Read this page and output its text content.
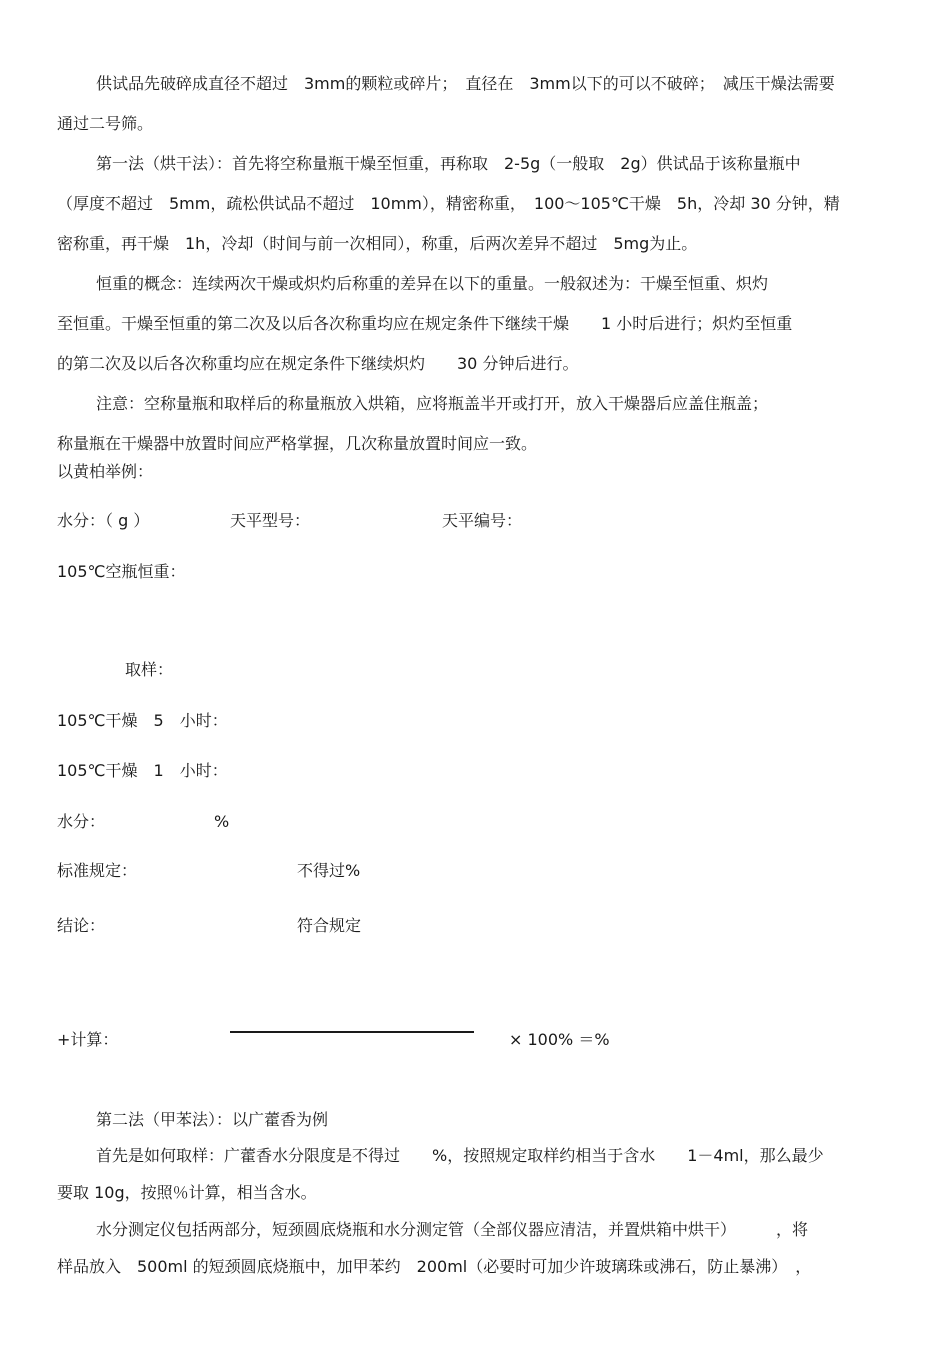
供试品先破碎成直径不超过　3mm的颗粒或碎片；　直径在　3mm以下的可以不破碎；　减压干燥法需要
通过二号筛。
第一法（烘干法）：首先将空称量瓶干燥至恒重，再称取　2-5g（一般取　2g）供试品于该称量瓶中
（厚度不超过　5mm，疏松供试品不超过　10mm），精密称重，　100～105℃干燥　5h，冷却 30 分钟，精
密称重，再干燥　1h，冷却（时间与前一次相同），称重，后两次差异不超过　5mg为止。
恒重的概念：连续两次干燥或炽灼后称重的差异在以下的重量。一般叙述为：干燥至恒重、炽灼
至恒重。干燥至恒重的第二次及以后各次称重均应在规定条件下继续干燥　　1 小时后进行；炽灼至恒重
的第二次及以后各次称重均应在规定条件下继续炽灼　　30 分钟后进行。
注意：空称量瓶和取样后的称量瓶放入烘箱，应将瓶盖半开或打开，放入干燥器后应盖住瓶盖；
称量瓶在干燥器中放置时间应严格掌握，几次称量放置时间应一致。
以黄柏举例：
水分：（ g ）	天平型号：	天平编号：
105℃空瓶恒重：
取样：
105℃干燥　5　小时：
105℃干燥　1　小时：
水分：	%
标准规定：	不得过%
结论：	符合规定
+计算：	× 100% ＝%
第二法（甲苯法）：以广藿香为例
首先是如何取样：广藿香水分限度是不得过　　%，按照规定取样约相当于含水　　1－4ml，那么最少
要取 10g，按照％计算，相当含水。
水分测定仪包括两部分，短颈圆底烧瓶和水分测定管（全部仪器应清洁，并置烘箱中烘干）　　　，将
样品放入　500ml 的短颈圆底烧瓶中，加甲苯约　200ml（必要时可加少许玻璃珠或沸石，防止暴沸）　，
